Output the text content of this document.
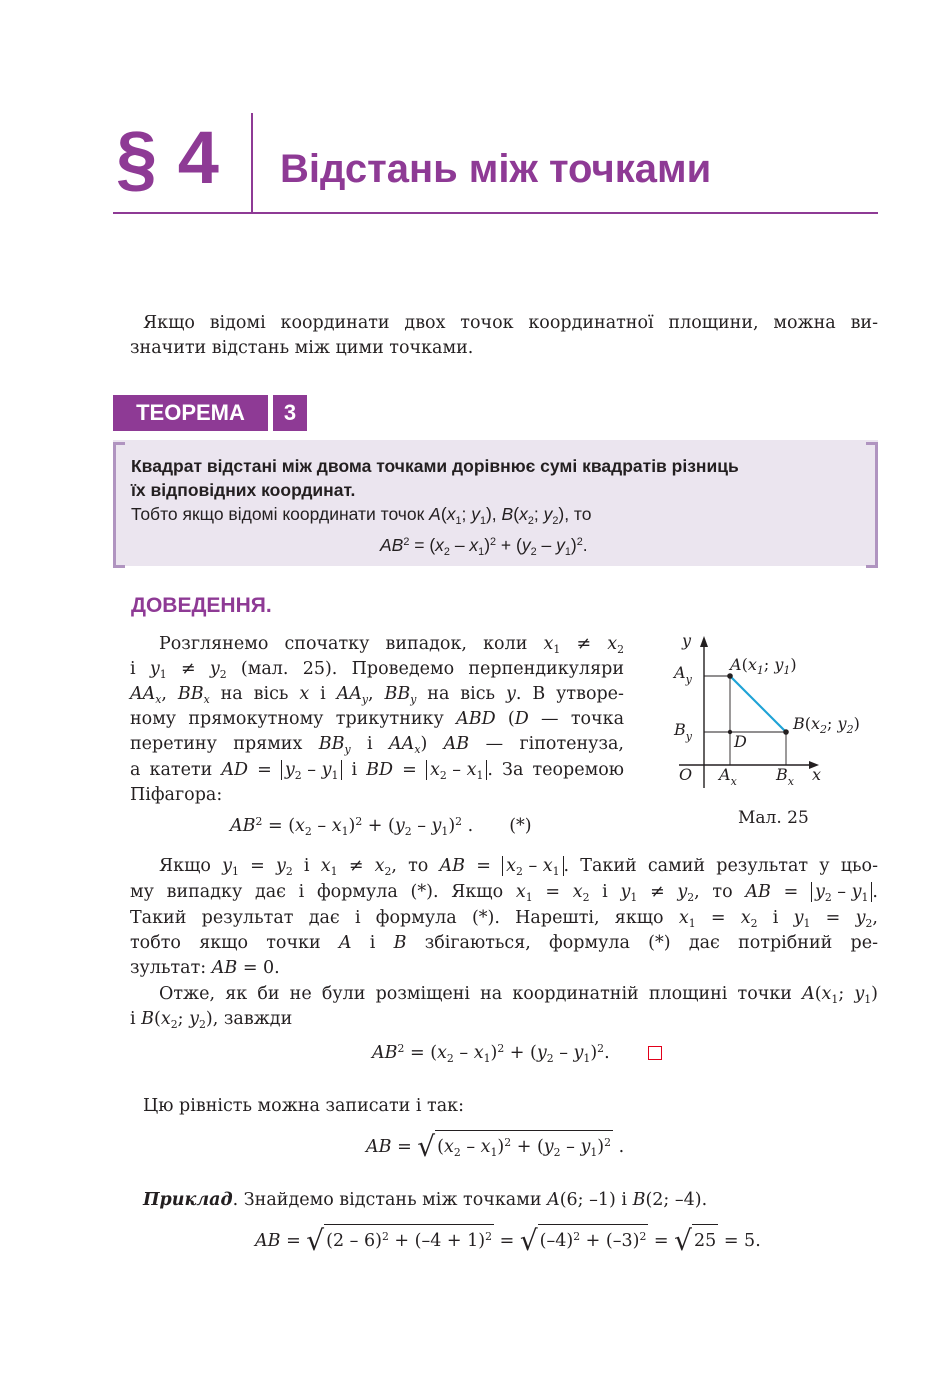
§ 4 Відстань між точками
Якщо відомі координати двох точок координатної площини, можна ви-
значити відстань між цими точками.
ТЕОРЕМА	3
Квадрат відстані між двома точками дорівнює сумі квадратів різниць
їх відповідних координат.
Тобто якщо відомі координати точок $A(x_1$; $y_1$), $B(x_2$; $y_2$), то
$AB^2 = (x_2 - x_1)^2 + (y_2 - y_1)^2$.
ДОВЕДЕННЯ.
Розглянемо спочатку випадок, коли $x_1 \ne x_2$
і $y_1 \ne y_2$ (мал. 25). Проведемо перпендикуляри
$AA_x$, $BB_x$ на вісь x і $AA_y$, $BB_y$ на вісь y. В утворе-
ному прямокутному трикутнику ABD (D — точка
перетину прямих $BB_y$ і $AA_x$) AB — гіпотенуза,
а катети AD = $y_2 - y_1$ і BD = $x_2 - x_1$ . За теоремою
Піфагора:
$AB^2 = (x_2 - x_1)^2 + (y_2 - y_1)^2$ . (*)
y
x
O
$A_y$
$B_y$
$A_x$ $B_x$
D
$A(x_1$; $y_1$)
$B(x_2$; $y_2$)
Мал. 25
Якщо $y_1 = y_2$ і $x_1 \ne x_2$, то AB = $x_2 - x_1$ . Такий самий результат у цьо-
му випадку дає і формула (*). Якщо $x_1 = x_2$ і $y_1 \ne y_2$, то AB = $y_2 - y_1$ .
Такий результат дає і формула (*). Нарешті, якщо $x_1 = x_2$ і $y_1 = y_2$,
тобто якщо точки A і B збігаються, формула (*) дає потрібний ре-
зультат: AB = 0.
Отже, як би не були розміщені на координатній площині точки $A(x_1$; $y_1$)
і $B(x_2$; $y_2$), завжди
$AB^2 = (x_2 - x_1)^2 + (y_2 - y_1)^2$.
Цю рівність можна записати і так:
AB = √ $(x_2 - x_1)^2 + (y_2 - y_1)^2$ .
Приклад. Знайдемо відстань між точками A(6; –1) і B(2; –4).
AB = √ $(2 - 6)^2 + (-4 + 1)^2$ = √ $(-4)^2 + (-3)^2$ = √ 25 = 5.
